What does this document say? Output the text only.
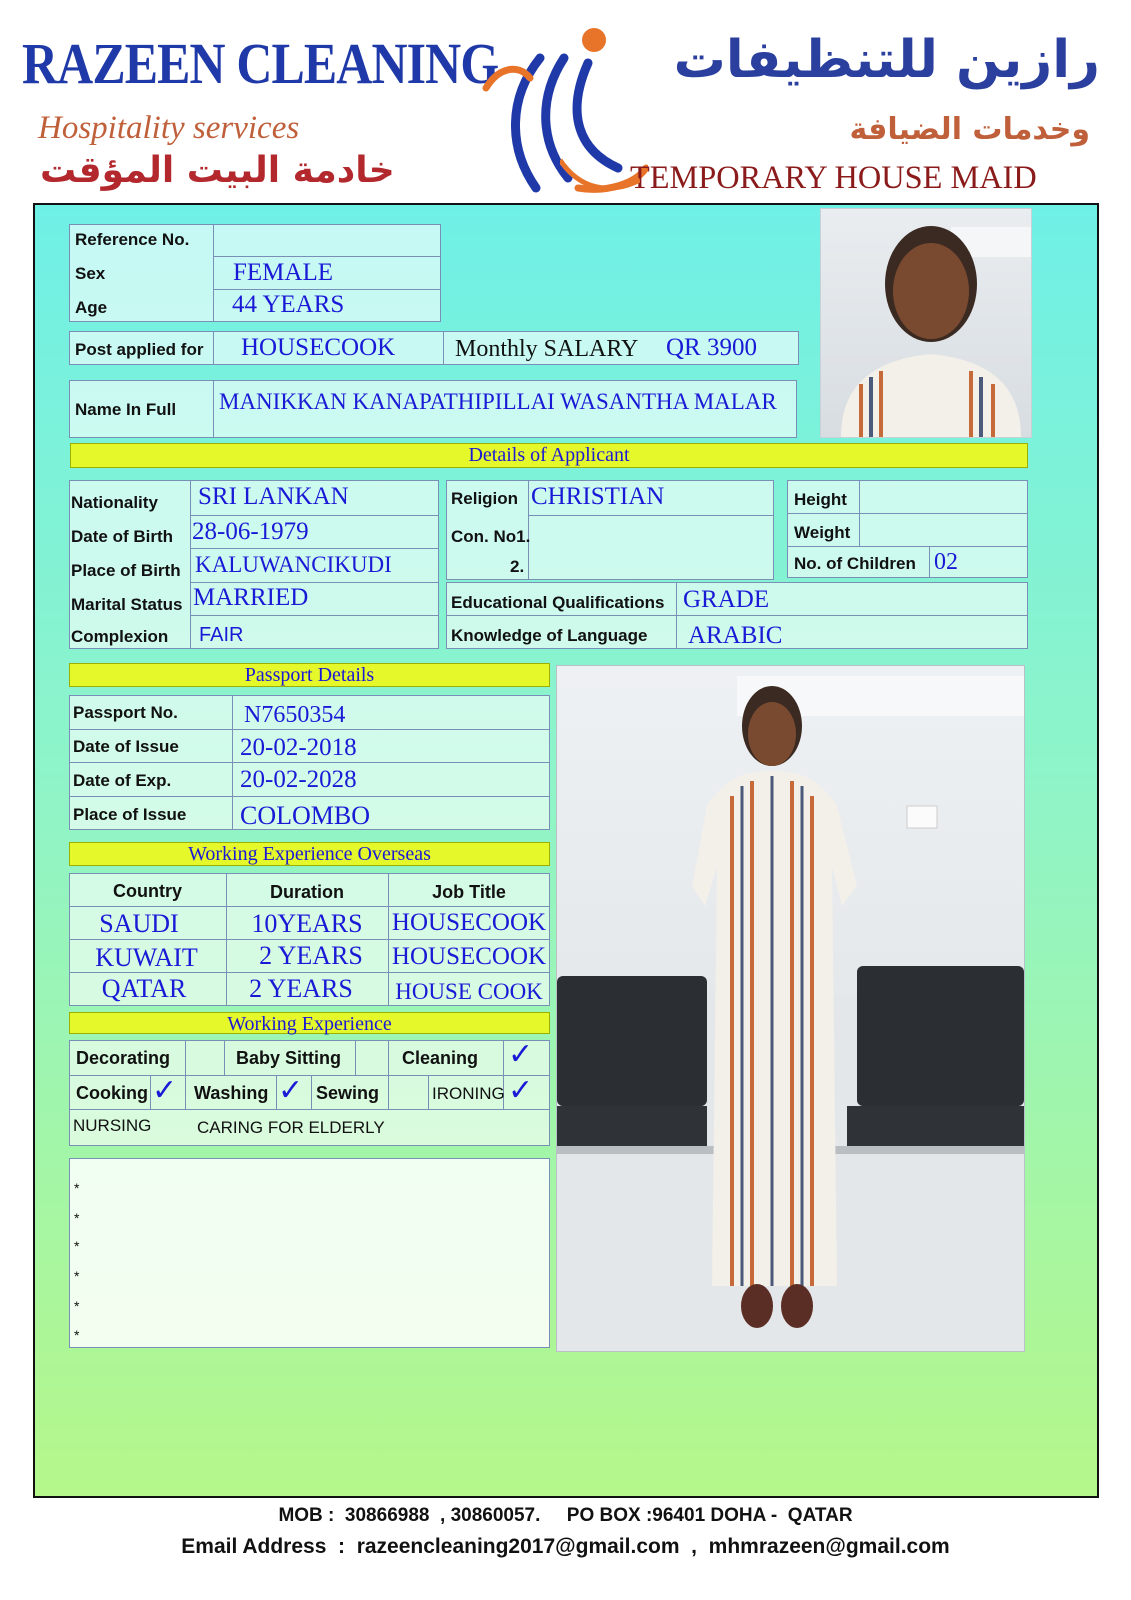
RAZEEN CLEANING
Hospitality services
خادمة البيت المؤقت
رازين للتنظيفات
وخدمات الضيافة
TEMPORARY HOUSE MAID
Reference No.
Sex	FEMALE
Age	44 YEARS
Post applied for HOUSECOOK Monthly SALARY QR 3900
Name In Full MANIKKAN KANAPATHIPILLAI WASANTHA MALAR
Details of Applicant
Nationality SRI LANKAN
Date of Birth 28-06-1979
Place of Birth KALUWANCIKUDI
Marital Status MARRIED
Complexion FAIR
Religion CHRISTIAN
Con. No1.
2.
Height
Weight
No. of Children 02
Educational Qualifications GRADE
Knowledge of Language ARABIC
Passport Details
Passport No.	N7650354
Date of Issue 20-02-2018
Date of Exp.	20-02-2028
Place of Issue COLOMBO
Working Experience Overseas
Country	Duration	Job Title
SAUDI	10YEARS	HOUSECOOK
KUWAIT	2 YEARS	HOUSECOOK
QATAR	2 YEARS	HOUSE COOK
Working Experience
Decorating	Baby Sitting	Cleaning ✓
Cooking ✓ Washing ✓ Sewing	IRONING ✓
NURSING	CARING FOR ELDERLY
*
*
*
*
*
*
MOB :  30866988  , 30860057.     PO BOX :96401 DOHA -  QATAR
Email Address  :  razeencleaning2017@gmail.com  ,  mhmrazeen@gmail.com
